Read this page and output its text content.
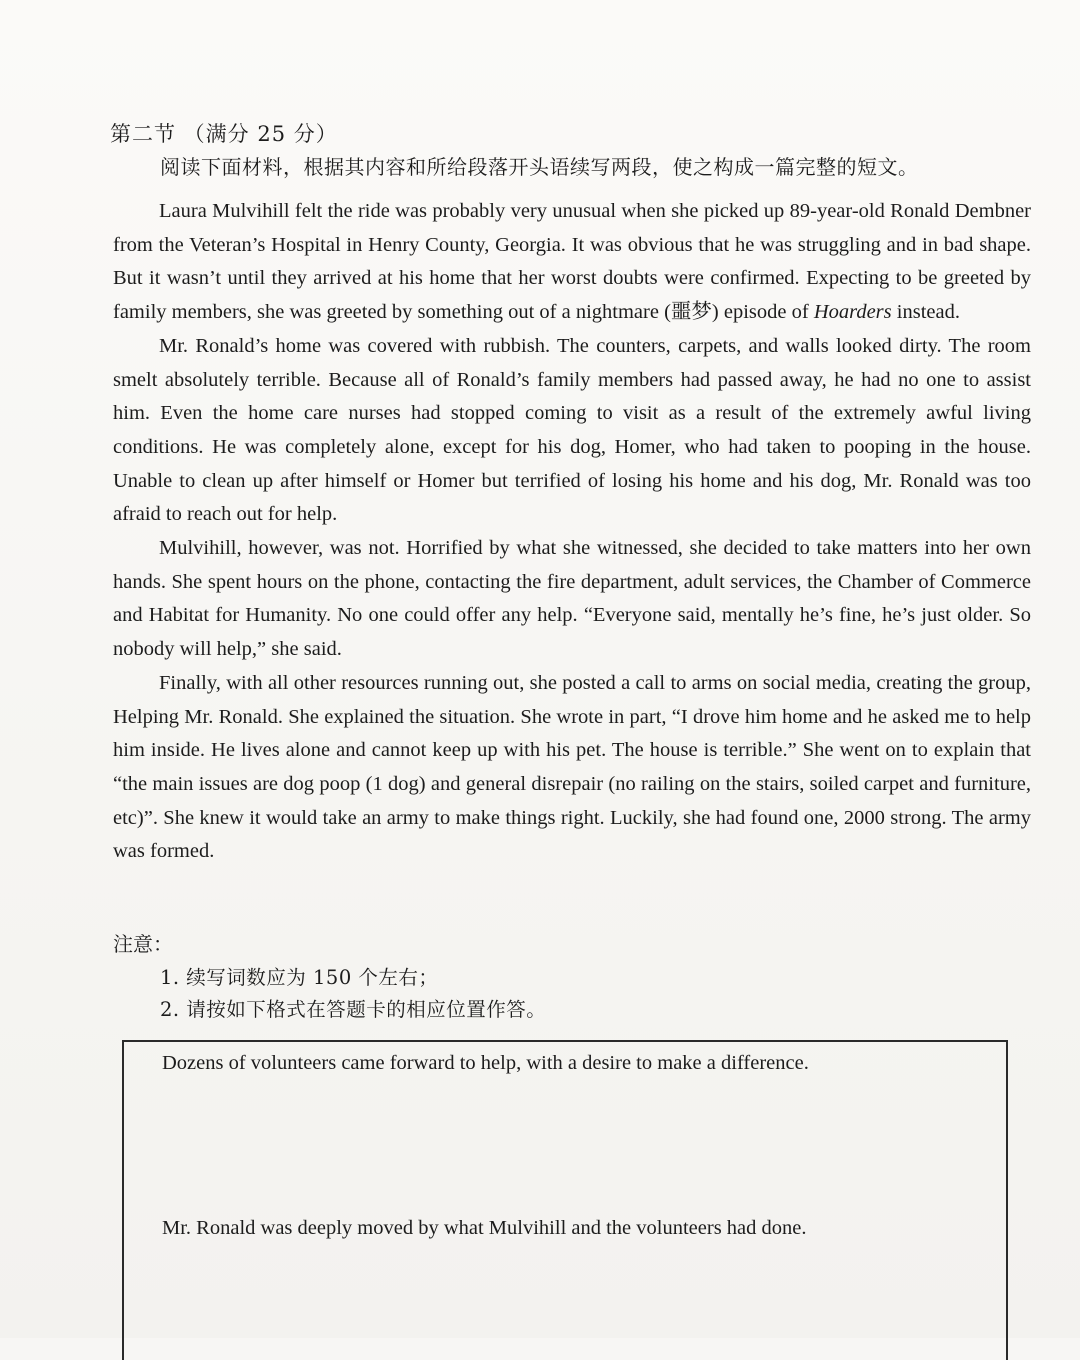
第二节 （满分 25 分）
阅读下面材料，根据其内容和所给段落开头语续写两段，使之构成一篇完整的短文。

Laura Mulvihill felt the ride was probably very unusual when she picked up 89-year-old Ronald Dembner from the Veteran’s Hospital in Henry County, Georgia. It was obvious that he was struggling and in bad shape. But it wasn’t until they arrived at his home that her worst doubts were confirmed. Expecting to be greeted by family members, she was greeted by something out of a nightmare (噩梦) episode of Hoarders instead.

Mr. Ronald’s home was covered with rubbish. The counters, carpets, and walls looked dirty. The room smelt absolutely terrible. Because all of Ronald’s family members had passed away, he had no one to assist him. Even the home care nurses had stopped coming to visit as a result of the extremely awful living conditions. He was completely alone, except for his dog, Homer, who had taken to pooping in the house. Unable to clean up after himself or Homer but terrified of losing his home and his dog, Mr. Ronald was too afraid to reach out for help.

Mulvihill, however, was not. Horrified by what she witnessed, she decided to take matters into her own hands. She spent hours on the phone, contacting the fire department, adult services, the Chamber of Commerce and Habitat for Humanity. No one could offer any help. “Everyone said, mentally he’s fine, he’s just older. So nobody will help,” she said.

Finally, with all other resources running out, she posted a call to arms on social media, creating the group, Helping Mr. Ronald. She explained the situation. She wrote in part, “I drove him home and he asked me to help him inside. He lives alone and cannot keep up with his pet. The house is terrible.” She went on to explain that “the main issues are dog poop (1 dog) and general disrepair (no railing on the stairs, soiled carpet and furniture, etc)”. She knew it would take an army to make things right. Luckily, she had found one, 2000 strong. The army was formed.

注意：
1. 续写词数应为 150 个左右；
2. 请按如下格式在答题卡的相应位置作答。
Dozens of volunteers came forward to help, with a desire to make a difference.
Mr. Ronald was deeply moved by what Mulvihill and the volunteers had done.
